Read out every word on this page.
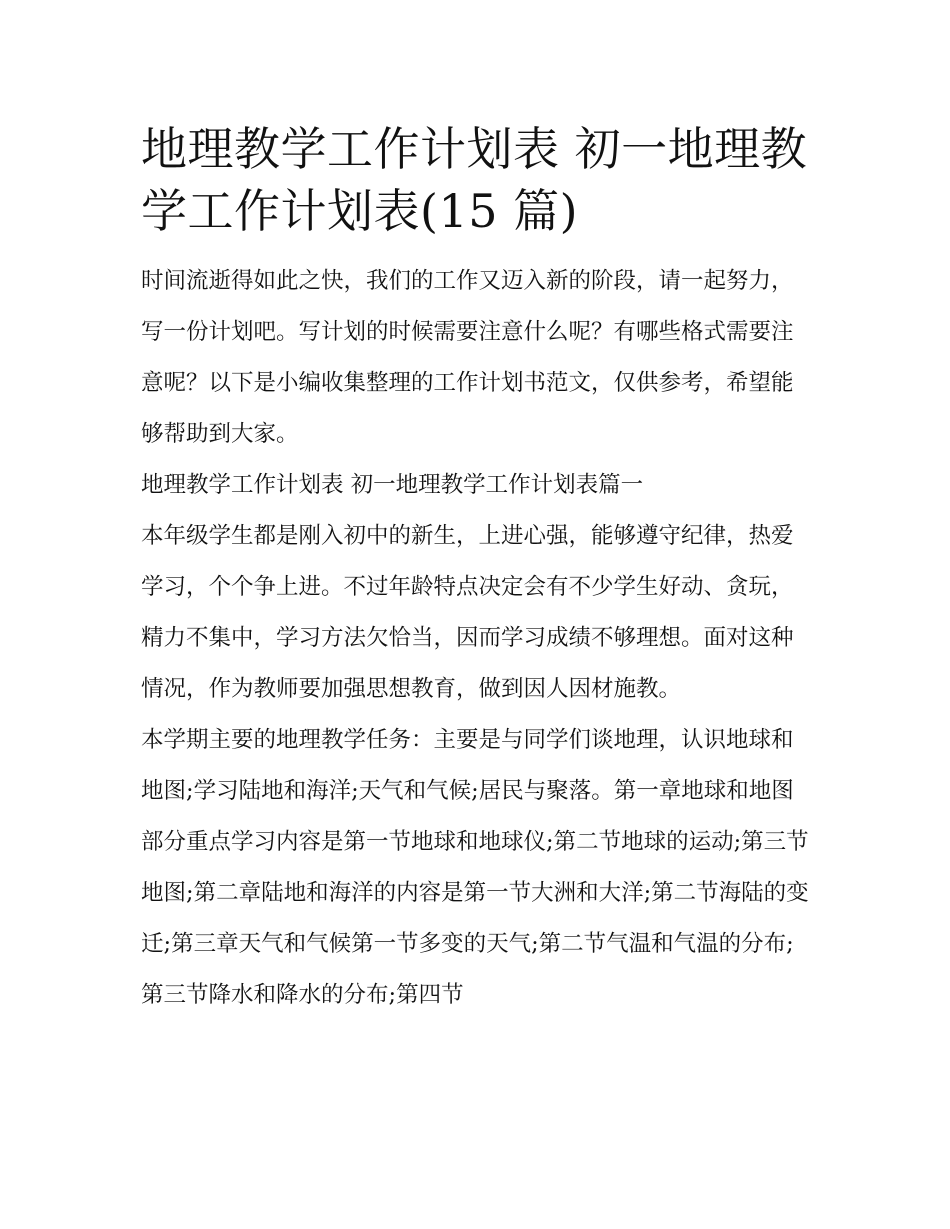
地理教学工作计划表 初一地理教学工作计划表(15 篇)

时间流逝得如此之快，我们的工作又迈入新的阶段，请一起努力，写一份计划吧。写计划的时候需要注意什么呢？有哪些格式需要注意呢？以下是小编收集整理的工作计划书范文，仅供参考，希望能够帮助到大家。

地理教学工作计划表 初一地理教学工作计划表篇一

本年级学生都是刚入初中的新生，上进心强，能够遵守纪律，热爱学习，个个争上进。不过年龄特点决定会有不少学生好动、贪玩，精力不集中，学习方法欠恰当，因而学习成绩不够理想。面对这种情况，作为教师要加强思想教育，做到因人因材施教。

本学期主要的地理教学任务：主要是与同学们谈地理，认识地球和地图;学习陆地和海洋;天气和气候;居民与聚落。第一章地球和地图部分重点学习内容是第一节地球和地球仪;第二节地球的运动;第三节地图;第二章陆地和海洋的内容是第一节大洲和大洋;第二节海陆的变迁;第三章天气和气候第一节多变的天气;第二节气温和气温的分布;第三节降水和降水的分布;第四节
